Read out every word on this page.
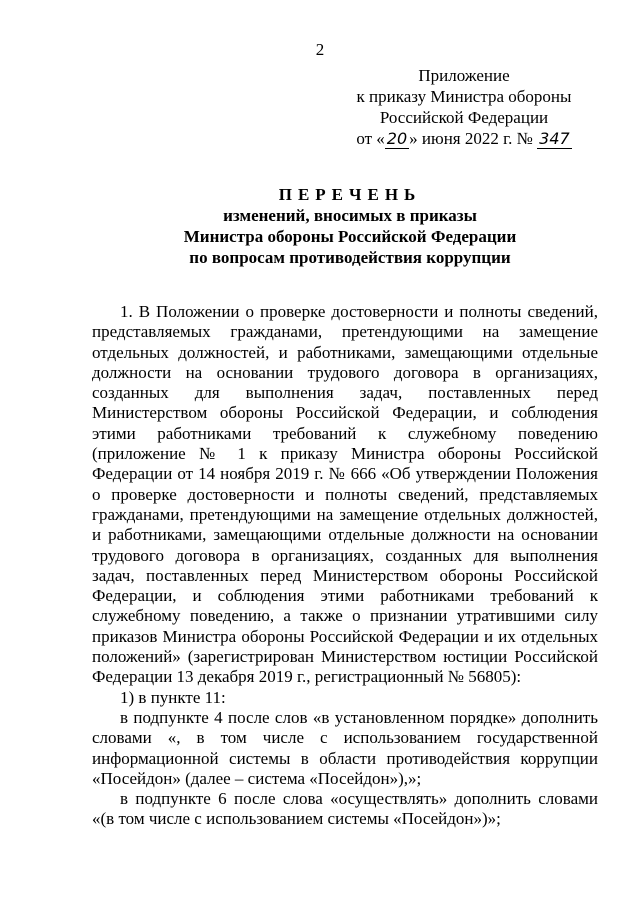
2
Приложение
к приказу Министра обороны
Российской Федерации
от « 20 » июня 2022 г. № 347
ПЕРЕЧЕНЬ
изменений, вносимых в приказы
Министра обороны Российской Федерации
по вопросам противодействия коррупции

1. В Положении о проверке достоверности и полноты сведений, представляемых гражданами, претендующими на замещение отдельных должностей, и работниками, замещающими отдельные должности на основании трудового договора в организациях, созданных для выполнения задач, поставленных перед Министерством обороны Российской Федерации, и соблюдения этими работниками требований к служебному поведению (приложение № 1 к приказу Министра обороны Российской Федерации от 14 ноября 2019 г. № 666 «Об утверждении Положения о проверке достоверности и полноты сведений, представляемых гражданами, претендующими на замещение отдельных должностей, и работниками, замещающими отдельные должности на основании трудового договора в организациях, созданных для выполнения задач, поставленных перед Министерством обороны Российской Федерации, и соблюдения этими работниками требований к служебному поведению, а также о признании утратившими силу приказов Министра обороны Российской Федерации и их отдельных положений» (зарегистрирован Министерством юстиции Российской Федерации 13 декабря 2019 г., регистрационный № 56805):

1) в пункте 11:

в подпункте 4 после слов «в установленном порядке» дополнить словами «, в том числе с использованием государственной информационной системы в области противодействия коррупции «Посейдон» (далее – система «Посейдон»),»;

в подпункте 6 после слова «осуществлять» дополнить словами «(в том числе с использованием системы «Посейдон»)»;
